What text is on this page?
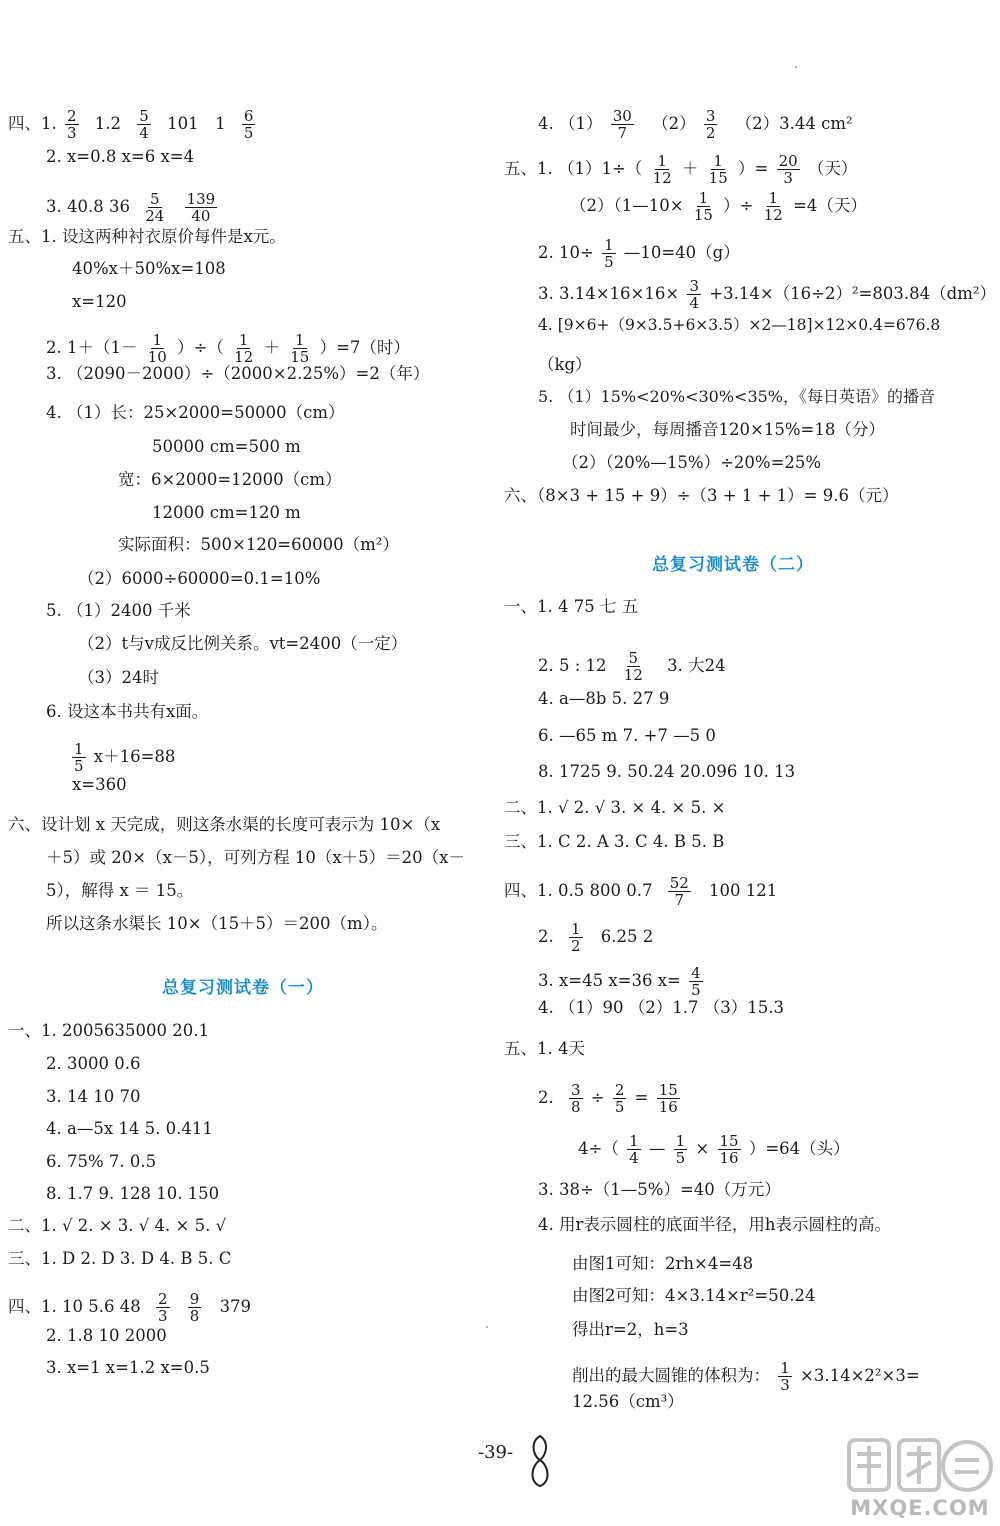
四、1. $\frac{2}{3} 1.2 \frac{5}{4} 101$　$1 \frac{6}{5}$
2. x=0.8 x=6 x=4
3. 40.8 $36 \frac{5}{24}$
$\frac{139}{40}$
五、1. 设这两种衬衣原价每件是x元。
40%x＋50%x=108
x=120
2. $1+(1- \frac{1}{10}$ ）÷（ $\frac{1}{12} + \frac{1}{15} )=7$（时）
3. （2090－2000）÷（2000×2.25%）=2（年）
4. （1）长：25×2000=50000（cm）
50000 cm=500 m
宽：6×2000=12000（cm）
12000 cm=120 m
实际面积：500×120=60000（m²）
（2）6000÷60000=0.1=10%
5. （1）2400 千米
（2）t与v成反比例关系。vt=2400（一定）
（3）24时
6. 设这本书共有x面。
$\frac{1}{5} x+16=88$
x=360
六、设计划 x 天完成，则这条水渠的长度可表示为 10×（x
＋5）或 20×（x－5），可列方程 10（x＋5）＝20（x－
5），解得 x ＝ 15。
所以这条水渠长 10×（15＋5）＝200（m）。
总复习测试卷（一）
一、1. 2005635000 20.1
2. 3000 0.6
3. 14 10 70
4. a—5x 14 5. 0.411
6. 75% 7. 0.5
8. 1.7 9. 128 10. 150
二、1. √ 2. × 3. √ 4. × 5. √
三、1. D 2. D 3. D 4. B 5. C
四、1. 10 5.6 $48 \frac{2}{3}$
$\frac{9}{8} 379$
2. 1.8 10 2000
3. x=1 x=1.2 x=0.5
4. $(1) \frac{30}{7} (2) \frac{3}{2} (2)3.44$ cm²
五、1. $(1)1\div( \frac{1}{12} + \frac{1}{15}$ ）= $\frac{20}{3}$ （天）
（2）（1—10× $\frac{1}{15}$ ）÷ $\frac{1}{12} =4$（天）
2. $10\div \frac{1}{5}$ —10=40（g）
3. $3.14\times 16\times 16\times \frac{3}{4} +3.14\times(16\div 2)^2=803.84(dm^2)$
4. [9×6+（9×3.5+6×3.5）×2—18]×12×0.4=676.8
（kg）
5. （1）15%<20%<30%<35%，《每日英语》的播音
时间最少，每周播音120×15%=18（分）
（2）（20%—15%）÷20%=25%
六、（8×3 + 15 + 9）÷（3 + 1 + 1）= 9.6（元）
总复习测试卷（二）
一、1. 4 75 七 五
2. 5 : $12 \frac{5}{12} 3$. 大24
4. a—8b 5. 27 9
6. —65 m 7. +7 —5 0
8. 1725 9. 50.24 20.096 10. 13
二、1. √ 2. √ 3. × 4. × 5. ×
三、1. C 2. A 3. C 4. B 5. B
四、1. 0.5 800 $0.7 \frac{52}{7} 100$ 121
2. $\frac{1}{2} 6.25$ 2
3. x=45 x=36 $x= \frac{4}{5}$
4. （1）90 （2）1.7 （3）15.3
五、1. 4天
2. $\frac{3}{8} \div \frac{2}{5} = \frac{15}{16}$
$4\div( \frac{1}{4}$ — $\frac{1}{5} \times \frac{15}{16} )=64$（头）
3. 38÷（1—5%）=40（万元）
4. 用r表示圆柱的底面半径，用h表示圆柱的高。
由图1可知：2rh×4=48
由图2可知：4×3.14×r²=50.24
得出r=2，h=3
削出的最大圆锥的体积为： $\frac{1}{3} \times 3.14\times 2^2\times 3=$
12.56（cm³）
-39-
MXQE.COM
